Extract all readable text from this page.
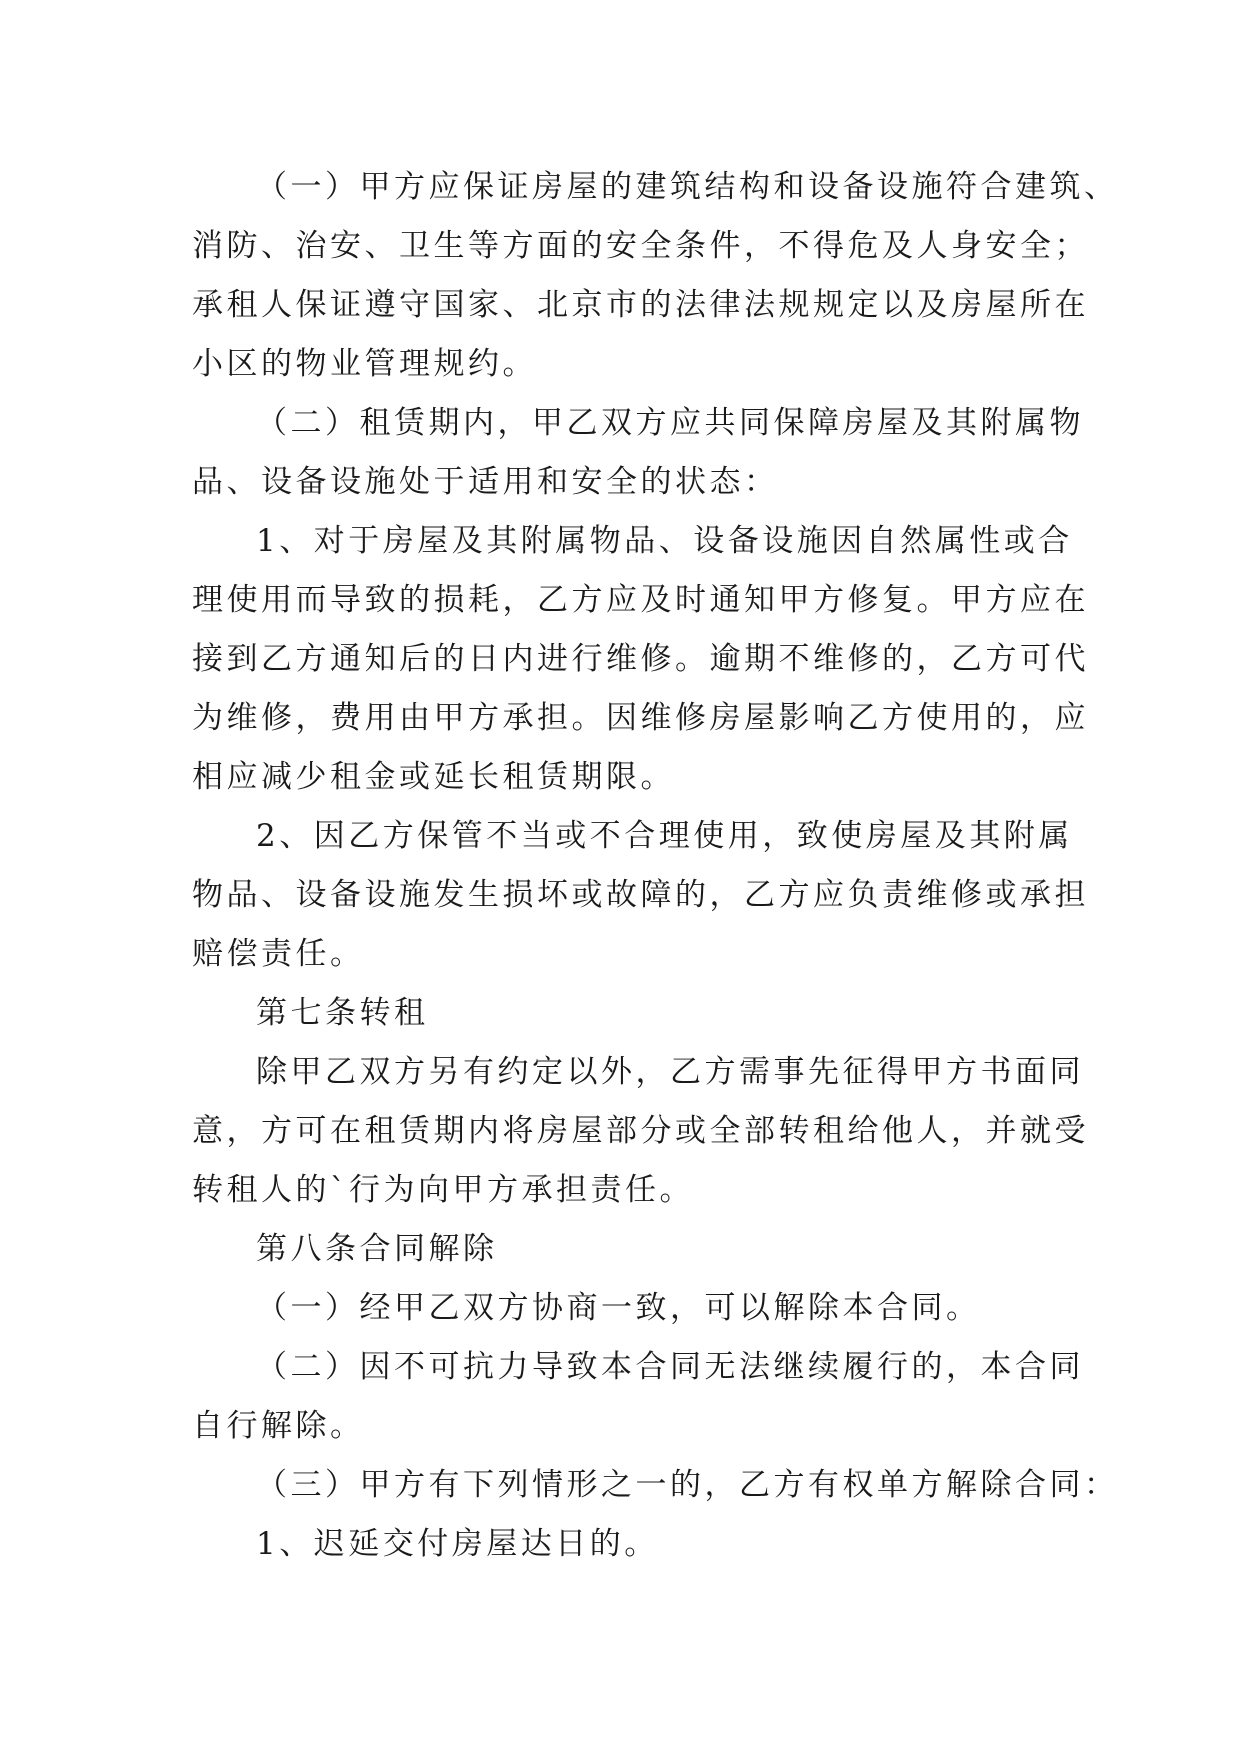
（一）甲方应保证房屋的建筑结构和设备设施符合建筑、
消防、治安、卫生等方面的安全条件，不得危及人身安全；
承租人保证遵守国家、北京市的法律法规规定以及房屋所在
小区的物业管理规约。
（二）租赁期内，甲乙双方应共同保障房屋及其附属物
品、设备设施处于适用和安全的状态：
1、对于房屋及其附属物品、设备设施因自然属性或合
理使用而导致的损耗，乙方应及时通知甲方修复。甲方应在
接到乙方通知后的日内进行维修。逾期不维修的，乙方可代
为维修，费用由甲方承担。因维修房屋影响乙方使用的，应
相应减少租金或延长租赁期限。
2、因乙方保管不当或不合理使用，致使房屋及其附属
物品、设备设施发生损坏或故障的，乙方应负责维修或承担
赔偿责任。
第七条转租
除甲乙双方另有约定以外，乙方需事先征得甲方书面同
意，方可在租赁期内将房屋部分或全部转租给他人，并就受
转租人的`行为向甲方承担责任。
第八条合同解除
（一）经甲乙双方协商一致，可以解除本合同。
（二）因不可抗力导致本合同无法继续履行的，本合同
自行解除。
（三）甲方有下列情形之一的，乙方有权单方解除合同：
1、迟延交付房屋达日的。
